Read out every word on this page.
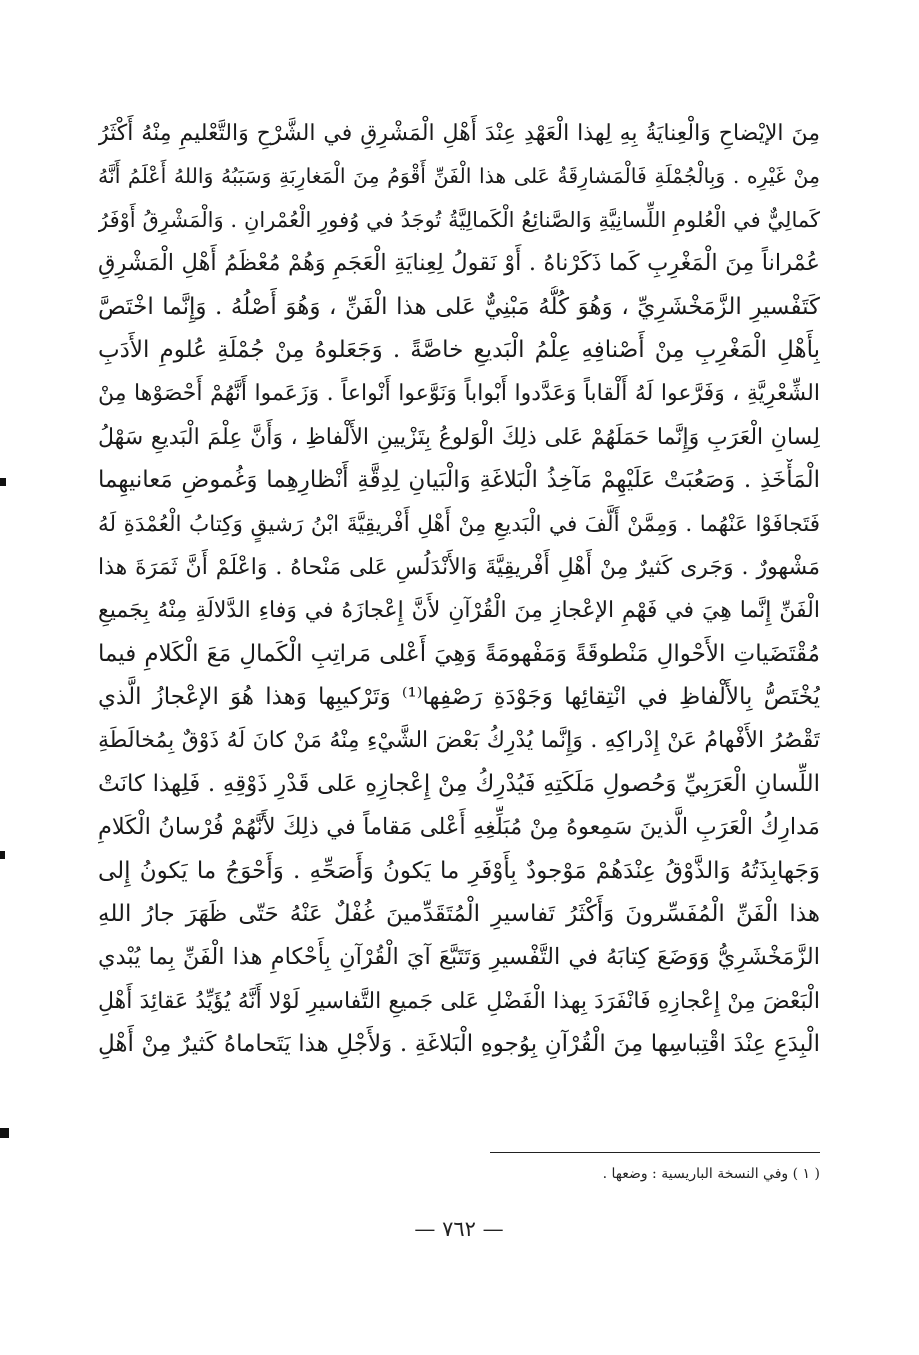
مِنَ الإيْضاحِ وَالْعِنايَةُ بِهِ لِهذا الْعَهْدِ عِنْدَ أَهْلِ الْمَشْرِقِ في الشَّرْحِ وَالتَّعْليمِ مِنْهُ أَكْثَرُ
مِنْ غَيْرِه . وَبِالْجُمْلَةِ فَالْمَشارِقَةُ عَلى هذا الْفَنِّ أَقْوَمُ مِنَ الْمَغارِبَةِ وَسَبَبُهُ وَاللهُ أَعْلَمُ أَنَّهُ
كَمالِيٌّ في الْعُلومِ اللِّسانِيَّةِ وَالصَّنائِعُ الْكَمالِيَّةُ تُوجَدُ في وُفورِ الْعُمْرانِ . وَالْمَشْرِقُ أَوْفَرُ
عُمْراناً مِنَ الْمَغْرِبِ كَما ذَكَرْناهُ . أَوْ نَقولُ لِعِنايَةِ الْعَجَمِ وَهُمْ مُعْظَمُ أَهْلِ الْمَشْرِقِ
كَتَفْسيرِ الزَّمَخْشَرِيِّ ، وَهُوَ كُلُّهُ مَبْنِيٌّ عَلى هذا الْفَنِّ ، وَهُوَ أَصْلُهُ . وَإِنَّما اخْتَصَّ
بِأَهْلِ الْمَغْرِبِ مِنْ أَصْنافِهِ عِلْمُ الْبَديعِ خاصَّةً . وَجَعَلوهُ مِنْ جُمْلَةِ عُلومِ الأَدَبِ
الشِّعْرِيَّةِ ، وَفَرَّعوا لَهُ أَلْقاباً وَعَدَّدوا أَبْواباً وَنَوَّعوا أَنْواعاً . وَزَعَموا أَنَّهُمْ أَحْصَوْها مِنْ
لِسانِ الْعَرَبِ وَإِنَّما حَمَلَهُمْ عَلى ذلِكَ الْوَلوعُ بِتَزْيينِ الأَلْفاظِ ، وَأَنَّ عِلْمَ الْبَديعِ سَهْلُ
الْمَأْخَذِ . وَصَعُبَتْ عَلَيْهِمْ مَآخِذُ الْبَلاغَةِ وَالْبَيانِ لِدِقَّةِ أَنْظارِهِما وَغُموضِ مَعانيهِما
فَتَجافَوْا عَنْهُما . وَمِمَّنْ أَلَّفَ في الْبَديعِ مِنْ أَهْلِ أَفْريقِيَّةَ ابْنُ رَشيقٍ وَكِتابُ الْعُمْدَةِ لَهُ
مَشْهورٌ . وَجَرى كَثيرٌ مِنْ أَهْلِ أَفْريقِيَّةَ وَالأَنْدَلُسِ عَلى مَنْحاهُ . وَاعْلَمْ أَنَّ ثَمَرَةَ هذا
الْفَنِّ إِنَّما هِيَ في فَهْمِ الإعْجازِ مِنَ الْقُرْآنِ لأَنَّ إِعْجازَهُ في وَفاءِ الدَّلالَةِ مِنْهُ بِجَميعِ
مُقْتَضَياتِ الأَحْوالِ مَنْطوقَةً وَمَفْهومَةً وَهِيَ أَعْلى مَراتِبِ الْكَمالِ مَعَ الْكَلامِ فيما
يُخْتَصُّ بِالأَلْفاظِ في انْتِقائِها وَجَوْدَةِ رَصْفِها⁽¹⁾ وَتَرْكيبِها وَهذا هُوَ الإعْجازُ الَّذي
تَقْصُرُ الأَفْهامُ عَنْ إِدْراكِهِ . وَإِنَّما يُدْرِكُ بَعْضَ الشَّيْءِ مِنْهُ مَنْ كانَ لَهُ ذَوْقٌ بِمُخالَطَةِ
اللِّسانِ الْعَرَبِيِّ وَحُصولِ مَلَكَتِهِ فَيُدْرِكُ مِنْ إِعْجازِهِ عَلى قَدْرِ ذَوْقِهِ . فَلِهذا كانَتْ
مَدارِكُ الْعَرَبِ الَّذينَ سَمِعوهُ مِنْ مُبَلِّغِهِ أَعْلى مَقاماً في ذلِكَ لأَنَّهُمْ فُرْسانُ الْكَلامِ
وَجَهابِذَتُهُ وَالذَّوْقُ عِنْدَهُمْ مَوْجودٌ بِأَوْفَرِ ما يَكونُ وَأَصَحِّهِ . وَأَحْوَجُ ما يَكونُ إِلى
هذا الْفَنِّ الْمُفَسِّرونَ وَأَكْثَرُ تَفاسيرِ الْمُتَقَدِّمينَ غُفْلٌ عَنْهُ حَتّى ظَهَرَ جارُ اللهِ
الزَّمَخْشَرِيُّ وَوَضَعَ كِتابَهُ في التَّفْسيرِ وَتَتَبَّعَ آيَ الْقُرْآنِ بِأَحْكامِ هذا الْفَنِّ بِما يُبْدي
الْبَعْضَ مِنْ إِعْجازِهِ فَانْفَرَدَ بِهذا الْفَضْلِ عَلى جَميعِ التَّفاسيرِ لَوْلا أَنَّهُ يُؤَيِّدُ عَقائِدَ أَهْلِ
الْبِدَعِ عِنْدَ اقْتِباسِها مِنَ الْقُرْآنِ بِوُجوهِ الْبَلاغَةِ . وَلأَجْلِ هذا يَتَحاماهُ كَثيرٌ مِنْ أَهْلِ
( ١ ) وفي النسخة الباريسية : وضعها .
— ٧٦٢ —
